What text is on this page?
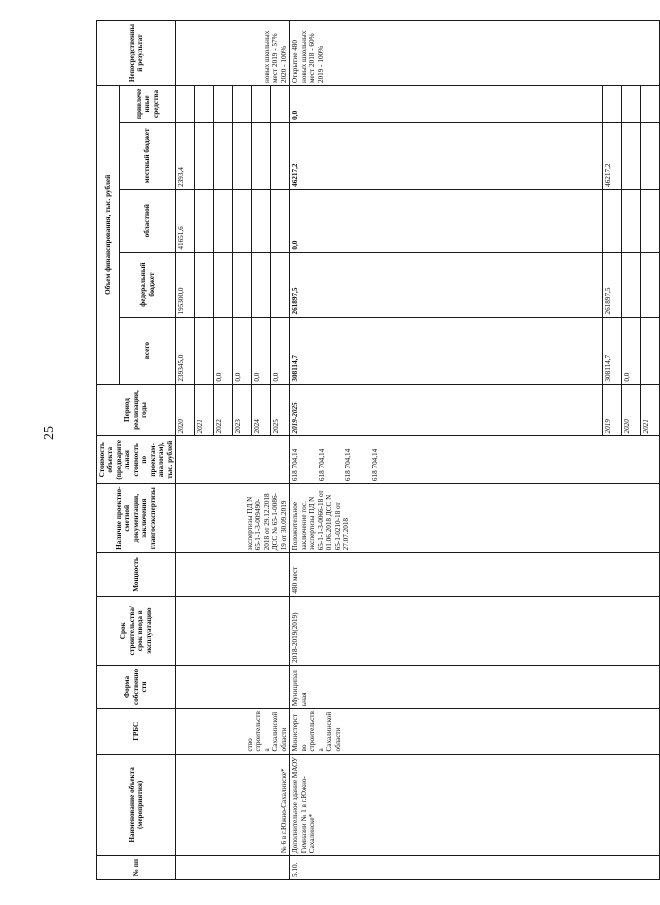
25
№ пп	Наименование объекта (мероприятия)	ГРБС	Форма собственности	Срок строительства/ срок ввода в эксплуатацию	Мощность	Наличие проектно-сметной документации, заключения главгосэкспертизы	Стоимость объекта (предварительная стоимость по проектам-аналогам), тыс. рублей	Период реализации, годы	Объем финансирования, тыс. рублей					Непосредственный результат
									всего	федеральный бюджет	областной	местный бюджет	привлеченные средства	
	№ 6 в г.Южно-Сахалинске*	ство строительства Сахалинской области				экспертизы ПД N 65-1-1-3-009490-2018 от 29.12.2018 ДСС № 65-1-0086-19 от 30.09.2019		2020	239345,0	195300,0	41651,6	2393,4		новых школьных мест 2019 - 57% 2020 - 100%
								2021						
								2022	0,0					
								2023	0,0					
								2024	0,0					
								2025	0,0					
5.10.	Дополнительное здание МАОУ Гимназии № 1 в г.Южно-Сахалинске*	Министерство строительства Сахалинской области	Муниципальная	2018-2019(2019)	480 мест	Положительное заключение гос. экспертизы ПД N 65-1-1-3-0066-18 от 01.06.2018 ДСС N 65-1-0210-18 от 27.07.2018	618 704,14 618 704,14 618 704,14 618 704,14	2019-2025	308114,7	261897,5	0,0	46217,2	0,0	Открытие 480 новых школьных мест 2018 - 60% 2019 - 100%
								2019	308114,7	261897,5		46217,2		
								2020	0,0					
								2021						
